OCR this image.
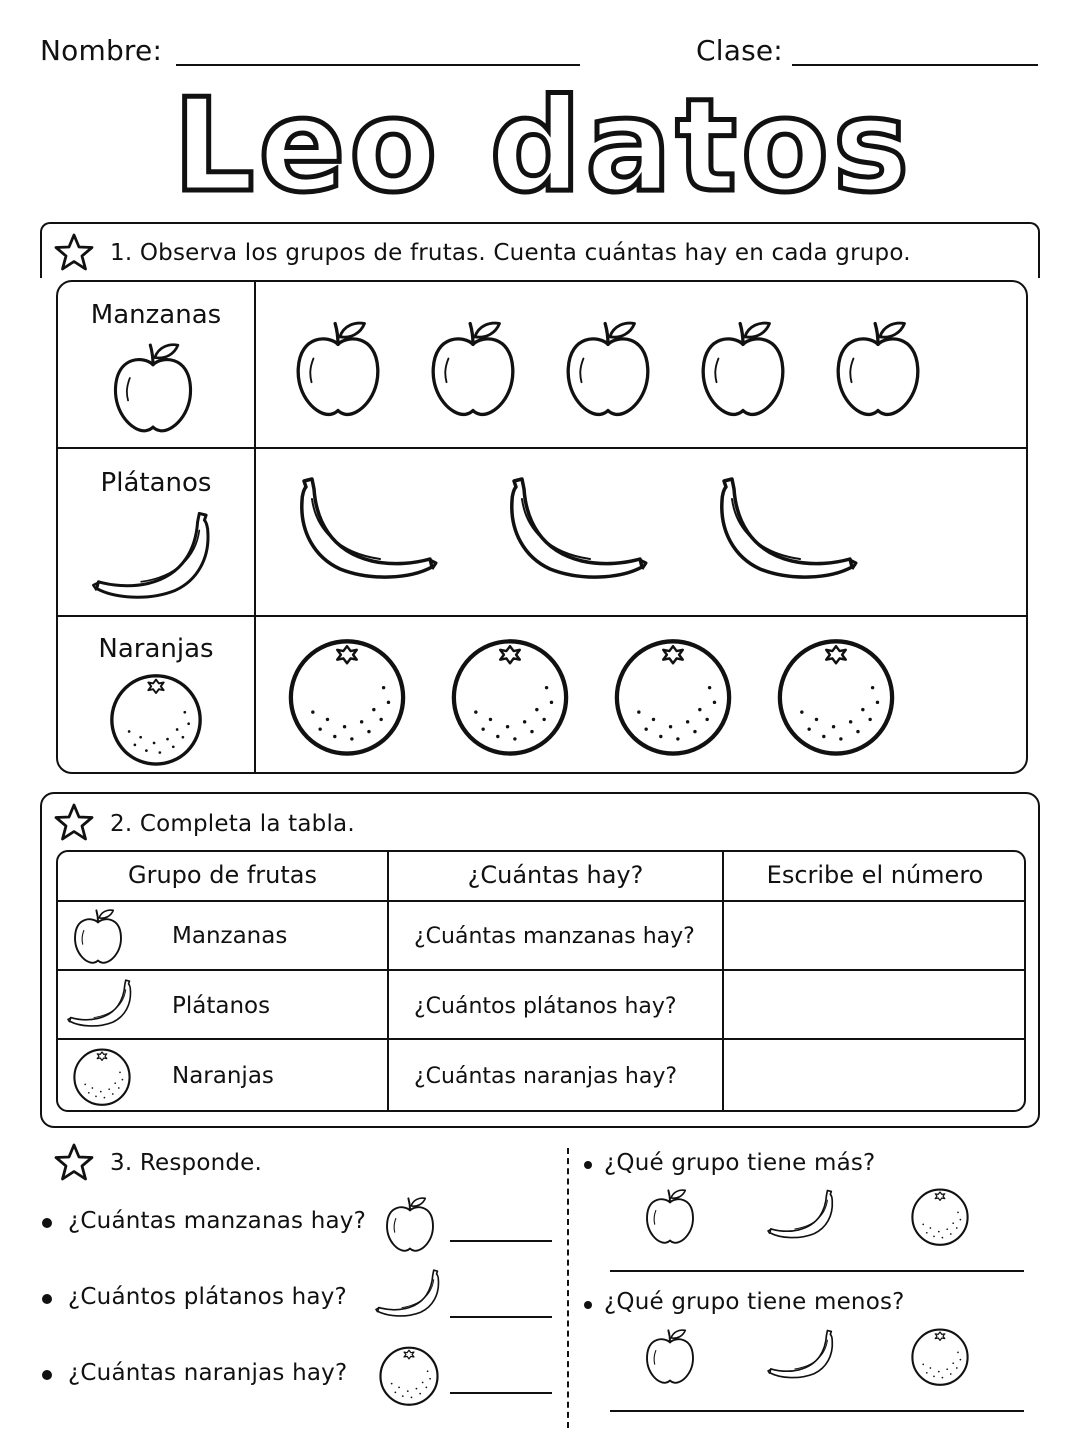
Nombre:	Clase:
Leo datos
1. Observa los grupos de frutas. Cuenta cuántas hay en cada grupo.
Manzanas
Plátanos
Naranjas
2. Completa la tabla.
Grupo de frutas	¿Cuántas hay?	Escribe el número
Manzanas	¿Cuántas manzanas hay?
Plátanos	¿Cuántos plátanos hay?
Naranjas	¿Cuántas naranjas hay?
3. Responde.
¿Cuántas manzanas hay?
¿Cuántos plátanos hay?
¿Cuántas naranjas hay?
¿Qué grupo tiene más?
¿Qué grupo tiene menos?
